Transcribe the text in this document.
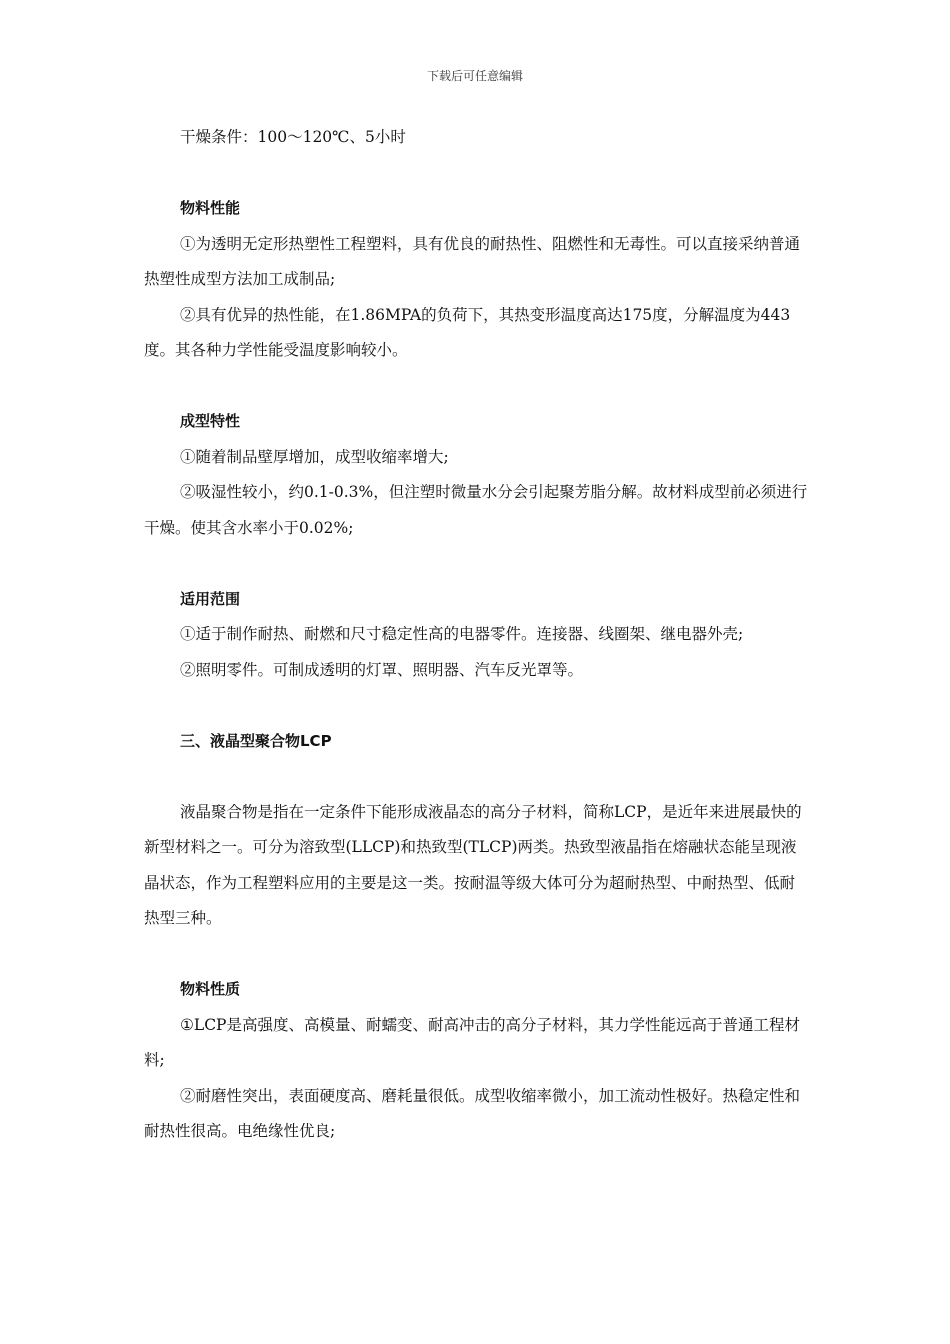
下载后可任意编辑
干燥条件：100～120℃、5小时
物料性能
①为透明无定形热塑性工程塑料，具有优良的耐热性、阻燃性和无毒性。可以直接采纳普通热塑性成型方法加工成制品;
②具有优异的热性能，在1.86MPA的负荷下，其热变形温度高达175度，分解温度为443度。其各种力学性能受温度影响较小。
成型特性
①随着制品壁厚增加，成型收缩率增大;
②吸湿性较小，约0.1-0.3%，但注塑时微量水分会引起聚芳脂分解。故材料成型前必须进行干燥。使其含水率小于0.02%;
适用范围
①适于制作耐热、耐燃和尺寸稳定性高的电器零件。连接器、线圈架、继电器外壳;
②照明零件。可制成透明的灯罩、照明器、汽车反光罩等。
三、液晶型聚合物LCP
液晶聚合物是指在一定条件下能形成液晶态的高分子材料，简称LCP，是近年来进展最快的新型材料之一。可分为溶致型(LLCP)和热致型(TLCP)两类。热致型液晶指在熔融状态能呈现液晶状态，作为工程塑料应用的主要是这一类。按耐温等级大体可分为超耐热型、中耐热型、低耐热型三种。
物料性质
①LCP是高强度、高模量、耐蠕变、耐高冲击的高分子材料，其力学性能远高于普通工程材料;
②耐磨性突出，表面硬度高、磨耗量很低。成型收缩率微小，加工流动性极好。热稳定性和耐热性很高。电绝缘性优良;
